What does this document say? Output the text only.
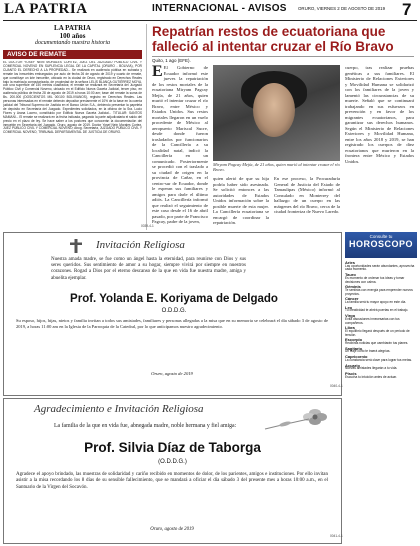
LA PATRIA	INTERNACIONAL - AVISOS	ORURO, VIERNES 2 DE AGOSTO DE 2019 7
LA PATRIA
100 años
documentando nuestra historia
AVISO DE REMATE
EL DOCTOR YOSEF NEIN MORALES CORTEZ, JUEZ DEL JUZGADO PÚBLICO CIVIL Y COMERCIAL NOVENO EN SUPLENCIA LEGAL DE LA CAPITAL (ORURO - BOLIVIA), POR CUANTO EL DERECHO A LA PROPIEDAD... Se realizará en audiencia pública en subasta y remate los inmuebles embargados por auto de fecha 26 de agosto de 2019 y cuarto de remate, que constituye un lote inmueble, ubicado en la ciudad de Oruro, registrado en Derechos Reales bajo la matrícula computarizada, de propiedad de la señora LELIS BLANCA GUTIÉRREZ MOYA, con una superficie de 150 metros cuadrados; el remate se realizará en Secretaría del Juzgado Público Civil y Comercial Noveno, ubicado en el Edificio Nueva Gaceta Judicial, tercer piso, en audiencia pública de fecha 28 de agosto de 2019 a horas 10:00 am; base del remate la suma de Bs. 200.000 (DOSCIENTOS MIL 00/100 BOLIVIANOS), registro en Derechos Reales. Las personas interesadas en el remate deberán depositar previamente el 10% de la base en la cuenta judicial del Tribunal Supremo de Justicia en el Banco Unión S.A., debiendo presentar la papeleta de depósito en Secretaría del Juzgado. Expedientes solicitados, en la oficina de la Sra. Lucio Flores y Arana Lucero, constituido por Edificio Nueva Gaceta Judicial... TITULAR: SANTOS MAMANI... El remate se realizará en la fecha indicada, pagando la parte adjudicataria el saldo del precio en el plazo de ley. Se hace saber a los postores que conocerán la documentación del inmueble en Secretaría del Juzgado. Oruro, agosto de 2019. Doctor Yosef Nein Morales Cortez, JUEZ PÚBLICO CIVIL Y COMERCIAL NOVENO; Abog. Secretaria, JUZGADO PÚBLICO CIVIL Y COMERCIAL NOVENO, TRIBUNAL DEPARTAMENTAL DE JUSTICIA DE ORURO.
Repatrían restos de ecuatoriana que falleció al intentar cruzar el Río Bravo
Quito, 1 ago (EFE).
E El Gobierno de Ecuador informó este jueves la repatriación de los restos mortales de la ecuatoriana Miryam Pagcay Mejía, de 21 años, quien murió el intentar cruzar el río Bravo, entre México y Estados Unidos. Sus restos mortales llegaron en un vuelo procedente de México al aeropuerto Mariscal Sucre, desde donde fueron trasladados por funcionarios de la Cancillería a su localidad natal, indicó la Cancillería en un comunicado. Posteriormente se procedió con el traslado a su ciudad de origen en la provincia de Cañar, en el centro-sur de Ecuador, donde le esperan sus familiares y amigos para darle el último adiós. La Cancillería informó que realizó el seguimiento de este caso desde el 16 de abril pasado, por parte de Francisco Pagcay, padre de la joven,
Miryam Pagcay Mejía, de 21 años, quien murió al intentar cruzar el río Bravo.
quien alertó de que su hija podría haber sido asesinada. Se solicitó entonces a las autoridades de Estados Unidos información sobre la posible muerte de esta mujer. La Cancillería ecuatoriana se encargó de coordinar la repatriación.
En ese proceso, la Procuraduría General de Justicia del Estado de Tamaulipas (México) informó al Consulado en Monterrey del hallazgo de un cuerpo en las márgenes del río Bravo, cerca de la ciudad fronteriza de Nuevo Laredo.
cuerpo, tras realizar pruebas genéticas a sus familiares. El Ministerio de Relaciones Exteriores y Movilidad Humana se solidarizó con los familiares de la joven y lamentó las circunstancias de su muerte. Señaló que se continuará trabajando en sus esfuerzos en prevención y en favor de los migrantes ecuatorianos, para garantizar sus derechos humanos. Según el Ministerio de Relaciones Exteriores y Movilidad Humana, entre los años 2018 y 2019, se han registrado los cuerpos de diez ecuatorianos que murieron en la frontera entre México y Estados Unidos.
Consulte tu
HOROSCOPO
Aries
Las oportunidades serán abundantes, aprovecha cada momento.
Tauro
Es momento de ordenar tus ideas y tomar decisiones con calma.
Géminis
Te sentirás con energía para emprender nuevos proyectos.
Cáncer
La familia será tu mayor apoyo en este día.
Leo
Tu creatividad te abrirá puertas en el trabajo.
Virgo
Evita discusiones innecesarias con tus compañeros.
Libra
El equilibrio llegará después de un periodo de tensión.
Escorpio
Recibirás noticias que cambiarán tus planes.
Sagitario
Un viaje corto te traerá alegrías.
Capricornio
La constancia será clave para lograr tus metas.
Acuario
Nuevas amistades llegarán a tu vida.
Piscis
Escucha tu intuición antes de actuar.
Invitación Religiosa
Nuestra amada madre, se fue como un ángel hasta la eternidad, para reunirse con Dios y sus seres queridos. Sus sentimiento de amor a su hogar, siempre vivirá por siempre en nuestros corazones. Rogad a Dios por el eterno descanso de la que en vida fue nuestra madre, amiga y abuelita ejemplar.
Prof. Yolanda E. Koriyama de Delgado
O.D.D.G.
Su esposo, hijos, hijas, nietos y familia invitan a todos sus amistades, familiares y personas allegadas a la misa que en su memoria se celebrará el día sábado 3 de agosto de 2019, a horas 11:00 am en la Iglesia de la Parroquia de la Catedral, por lo que anticipamos nuestro agradecimiento.
Oruro, agosto de 2019
Agradecimiento e Invitación Religiosa
La familia de la que en vida fue, abnegada madre, noble hermana y fiel amiga:
Prof. Silvia Díaz de Taborga
(O.D.D.G.)
Agradece el apoyo brindado, las muestras de solidaridad y cariño recibido en momentos de dolor, de los parientes, amigos e instituciones. Por ello invitan asistir a la misa recordando los 8 días de su sensible fallecimiento, que se mandará a oficiar el día sábado 3 del presente mes a horas 10:00 a.m., en el Santuario de la Virgen del Socavón.
Oruro, agosto de 2019
0039-4-1
0040-4-1
0041-4-1
